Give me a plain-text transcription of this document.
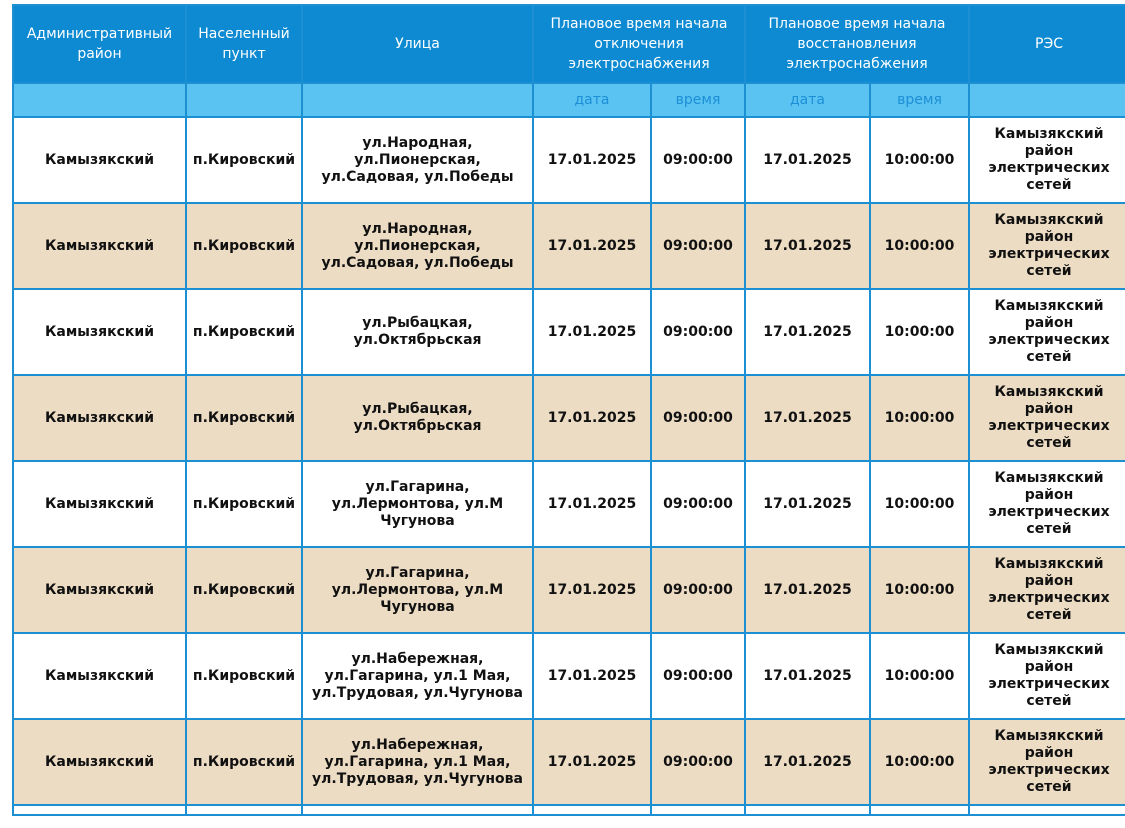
Административный район	Населенный пункт	Улица	Плановое время начала отключения электроснабжения		Плановое время начала восстановления электроснабжения		РЭС
			дата	время	дата	время	
Камызякский	п.Кировский	ул.Народная, ул.Пионерская, ул.Садовая, ул.Победы	17.01.2025	09:00:00	17.01.2025	10:00:00	Камызякский район электрических сетей
Камызякский	п.Кировский	ул.Народная, ул.Пионерская, ул.Садовая, ул.Победы	17.01.2025	09:00:00	17.01.2025	10:00:00	Камызякский район электрических сетей
Камызякский	п.Кировский	ул.Рыбацкая, ул.Октябрьская	17.01.2025	09:00:00	17.01.2025	10:00:00	Камызякский район электрических сетей
Камызякский	п.Кировский	ул.Рыбацкая, ул.Октябрьская	17.01.2025	09:00:00	17.01.2025	10:00:00	Камызякский район электрических сетей
Камызякский	п.Кировский	ул.Гагарина, ул.Лермонтова, ул.М Чугунова	17.01.2025	09:00:00	17.01.2025	10:00:00	Камызякский район электрических сетей
Камызякский	п.Кировский	ул.Гагарина, ул.Лермонтова, ул.М Чугунова	17.01.2025	09:00:00	17.01.2025	10:00:00	Камызякский район электрических сетей
Камызякский	п.Кировский	ул.Набережная, ул.Гагарина, ул.1 Мая, ул.Трудовая, ул.Чугунова	17.01.2025	09:00:00	17.01.2025	10:00:00	Камызякский район электрических сетей
Камызякский	п.Кировский	ул.Набережная, ул.Гагарина, ул.1 Мая, ул.Трудовая, ул.Чугунова	17.01.2025	09:00:00	17.01.2025	10:00:00	Камызякский район электрических сетей
